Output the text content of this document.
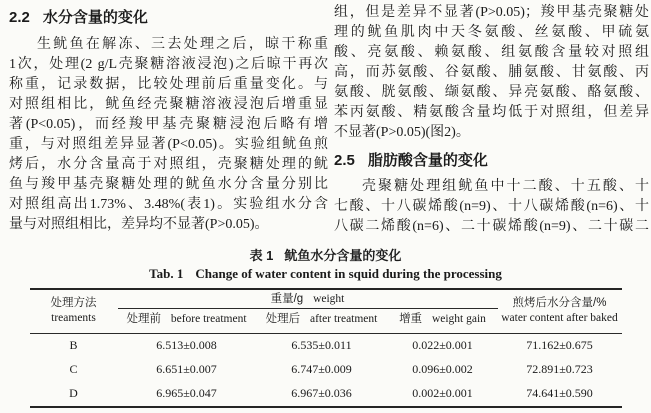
2.2 水分含量的变化
生鱿鱼在解冻、三去处理之后，晾干称重
1次，处理(2 g/L壳聚糖溶液浸泡)之后晾干再次
称重，记录数据，比较处理前后重量变化。与
对照组相比，鱿鱼经壳聚糖溶液浸泡后增重显
著(P<0.05)，而经羧甲基壳聚糖浸泡后略有增
重，与对照组差异显著(P<0.05)。实验组鱿鱼煎
烤后，水分含量高于对照组，壳聚糖处理的鱿
鱼与羧甲基壳聚糖处理的鱿鱼水分含量分别比
对照组高出1.73%、3.48%(表1)。实验组水分含
量与对照组相比，差异均不显著(P>0.05)。
组，但是差异不显著(P>0.05)；羧甲基壳聚糖处
理的鱿鱼肌肉中天冬氨酸、丝氨酸、甲硫氨
酸、亮氨酸、赖氨酸、组氨酸含量较对照组
高，而苏氨酸、谷氨酸、脯氨酸、甘氨酸、丙
氨酸、胱氨酸、缬氨酸、异亮氨酸、酪氨酸、
苯丙氨酸、精氨酸含量均低于对照组，但差异
不显著(P>0.05)(图2)。
2.5 脂肪酸含量的变化
壳聚糖处理组鱿鱼中十二酸、十五酸、十
七酸、十八碳烯酸(n=9)、十八碳烯酸(n=6)、十
八碳二烯酸(n=6)、二十碳烯酸(n=9)、二十碳二
表 1 鱿鱼水分含量的变化
Tab. 1 Change of water content in squid during the processing
处理方法
treaments	重量/g weight			煎烤后水分含量/%
water content after baked

	处理前 before treatment	处理后 after treatment	增重 weight gain	
B	6.513±0.008	6.535±0.011	0.022±0.001	71.162±0.675
C	6.651±0.007	6.747±0.009	0.096±0.002	72.891±0.723
D	6.965±0.047	6.967±0.036	0.002±0.001	74.641±0.590
